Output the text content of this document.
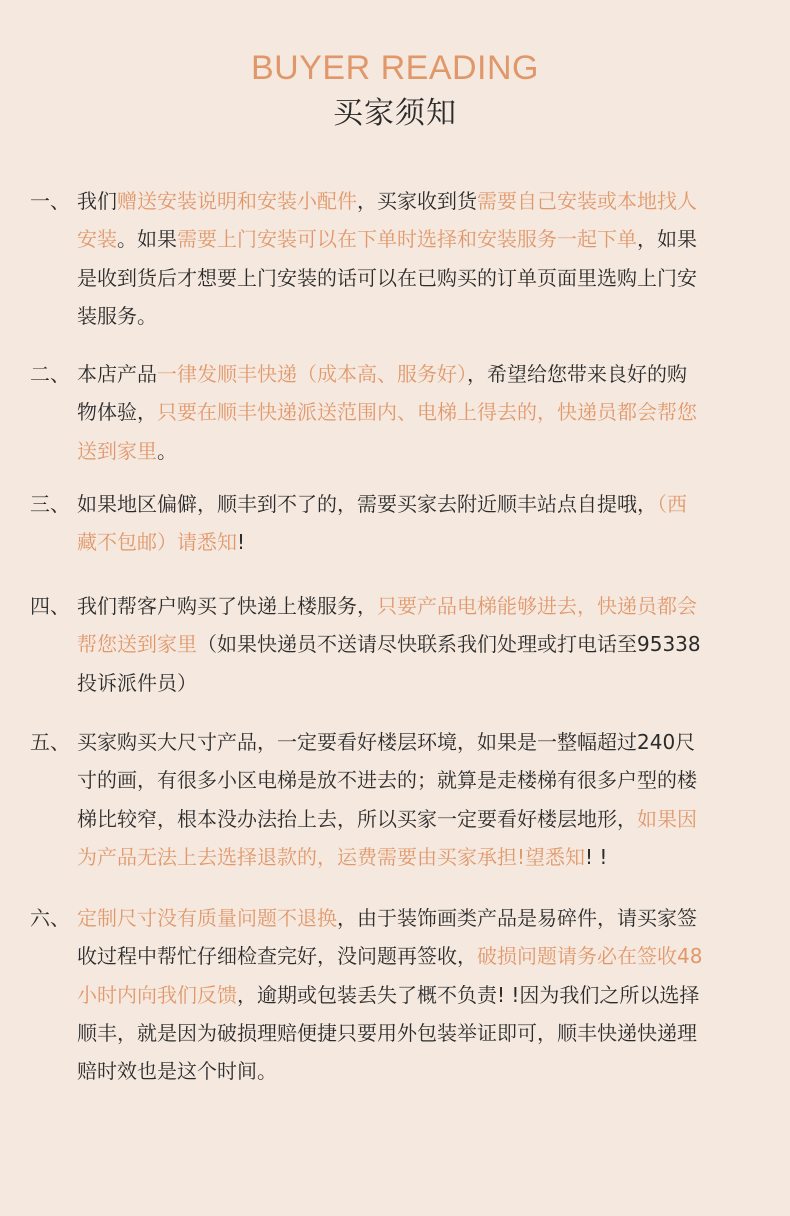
BUYER READING
买家须知
一、 我们赠送安装说明和安装小配件，买家收到货需要自己安装或本地找人
安装。如果需要上门安装可以在下单时选择和安装服务一起下单，如果
是收到货后才想要上门安装的话可以在已购买的订单页面里选购上门安
装服务。
二、 本店产品一律发顺丰快递（成本高、服务好），希望给您带来良好的购
物体验，只要在顺丰快递派送范围内、电梯上得去的，快递员都会帮您
送到家里。
三、 如果地区偏僻，顺丰到不了的，需要买家去附近顺丰站点自提哦，（西
藏不包邮）请悉知!
四、 我们帮客户购买了快递上楼服务，只要产品电梯能够进去，快递员都会
帮您送到家里（如果快递员不送请尽快联系我们处理或打电话至95338
投诉派件员）
五、 买家购买大尺寸产品，一定要看好楼层环境，如果是一整幅超过240尺
寸的画，有很多小区电梯是放不进去的；就算是走楼梯有很多户型的楼
梯比较窄，根本没办法抬上去，所以买家一定要看好楼层地形，如果因
为产品无法上去选择退款的，运费需要由买家承担!望悉知! !
六、 定制尺寸没有质量问题不退换，由于装饰画类产品是易碎件，请买家签
收过程中帮忙仔细检查完好，没问题再签收，破损问题请务必在签收48
小时内向我们反馈，逾期或包装丢失了概不负责! !因为我们之所以选择
顺丰，就是因为破损理赔便捷只要用外包装举证即可，顺丰快递快递理
赔时效也是这个时间。
